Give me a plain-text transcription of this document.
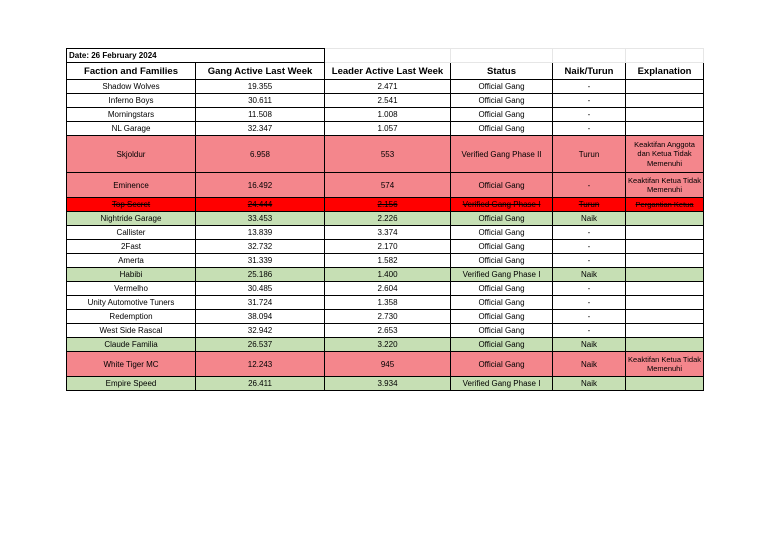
Date: 26 February 2024					
Faction and Families	Gang Active Last Week	Leader Active Last Week	Status	Naik/Turun	Explanation
Shadow Wolves	19.355	2.471	Official Gang	-	
Inferno Boys	30.611	2.541	Official Gang	-	
Morningstars	11.508	1.008	Official Gang	-	
NL Garage	32.347	1.057	Official Gang	-	
Skjoldur	6.958	553	Verified Gang Phase II	Turun	Keaktifan Anggota dan Ketua Tidak Memenuhi
Eminence	16.492	574	Official Gang	-	Keaktifan Ketua Tidak Memenuhi
Top Secret	24.444	2.156	Verified Gang Phase I	Turun	Pergantian Ketua
Nightride Garage	33.453	2.226	Official Gang	Naik	
Callister	13.839	3.374	Official Gang	-	
2Fast	32.732	2.170	Official Gang	-	
Amerta	31.339	1.582	Official Gang	-	
Habibi	25.186	1.400	Verified Gang Phase I	Naik	
Vermelho	30.485	2.604	Official Gang	-	
Unity Automotive Tuners	31.724	1.358	Official Gang	-	
Redemption	38.094	2.730	Official Gang	-	
West Side Rascal	32.942	2.653	Official Gang	-	
Claude Familia	26.537	3.220	Official Gang	Naik	
White Tiger MC	12.243	945	Official Gang	Naik	Keaktifan Ketua Tidak Memenuhi
Empire Speed	26.411	3.934	Verified Gang Phase I	Naik	
